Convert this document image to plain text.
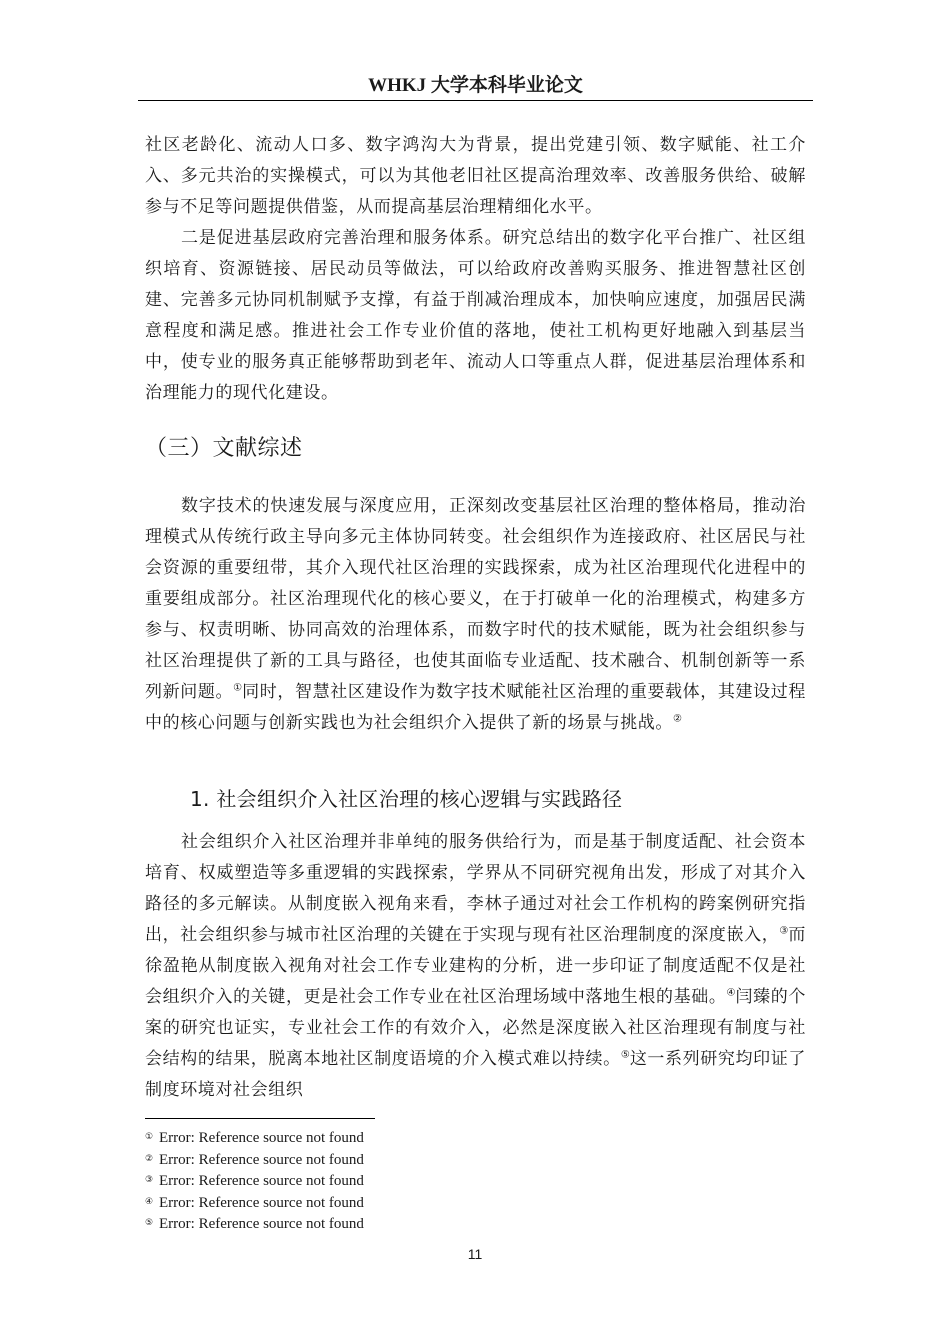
WHKJ 大学本科毕业论文

社区老龄化、流动人口多、数字鸿沟大为背景，提出党建引领、数字赋能、社工介入、多元共治的实操模式，可以为其他老旧社区提高治理效率、改善服务供给、破解参与不足等问题提供借鉴，从而提高基层治理精细化水平。

二是促进基层政府完善治理和服务体系。研究总结出的数字化平台推广、社区组织培育、资源链接、居民动员等做法，可以给政府改善购买服务、推进智慧社区创建、完善多元协同机制赋予支撑，有益于削减治理成本，加快响应速度，加强居民满意程度和满足感。推进社会工作专业价值的落地，使社工机构更好地融入到基层当中，使专业的服务真正能够帮助到老年、流动人口等重点人群，促进基层治理体系和治理能力的现代化建设。

（三）文献综述

数字技术的快速发展与深度应用，正深刻改变基层社区治理的整体格局，推动治理模式从传统行政主导向多元主体协同转变。社会组织作为连接政府、社区居民与社会资源的重要纽带，其介入现代社区治理的实践探索，成为社区治理现代化进程中的重要组成部分。社区治理现代化的核心要义，在于打破单一化的治理模式，构建多方参与、权责明晰、协同高效的治理体系，而数字时代的技术赋能，既为社会组织参与社区治理提供了新的工具与路径，也使其面临专业适配、技术融合、机制创新等一系列新问题。①同时，智慧社区建设作为数字技术赋能社区治理的重要载体，其建设过程中的核心问题与创新实践也为社会组织介入提供了新的场景与挑战。②

1. 社会组织介入社区治理的核心逻辑与实践路径

社会组织介入社区治理并非单纯的服务供给行为，而是基于制度适配、社会资本培育、权威塑造等多重逻辑的实践探索，学界从不同研究视角出发，形成了对其介入路径的多元解读。从制度嵌入视角来看，李林子通过对社会工作机构的跨案例研究指出，社会组织参与城市社区治理的关键在于实现与现有社区治理制度的深度嵌入，③而徐盈艳从制度嵌入视角对社会工作专业建构的分析，进一步印证了制度适配不仅是社会组织介入的关键，更是社会工作专业在社区治理场域中落地生根的基础。④闫臻的个案的研究也证实，专业社会工作的有效介入，必然是深度嵌入社区治理现有制度与社会结构的结果，脱离本地社区制度语境的介入模式难以持续。⑤这一系列研究均印证了制度环境对社会组织

① Error: Reference source not found
② Error: Reference source not found
③ Error: Reference source not found
④ Error: Reference source not found
⑤ Error: Reference source not found
11
